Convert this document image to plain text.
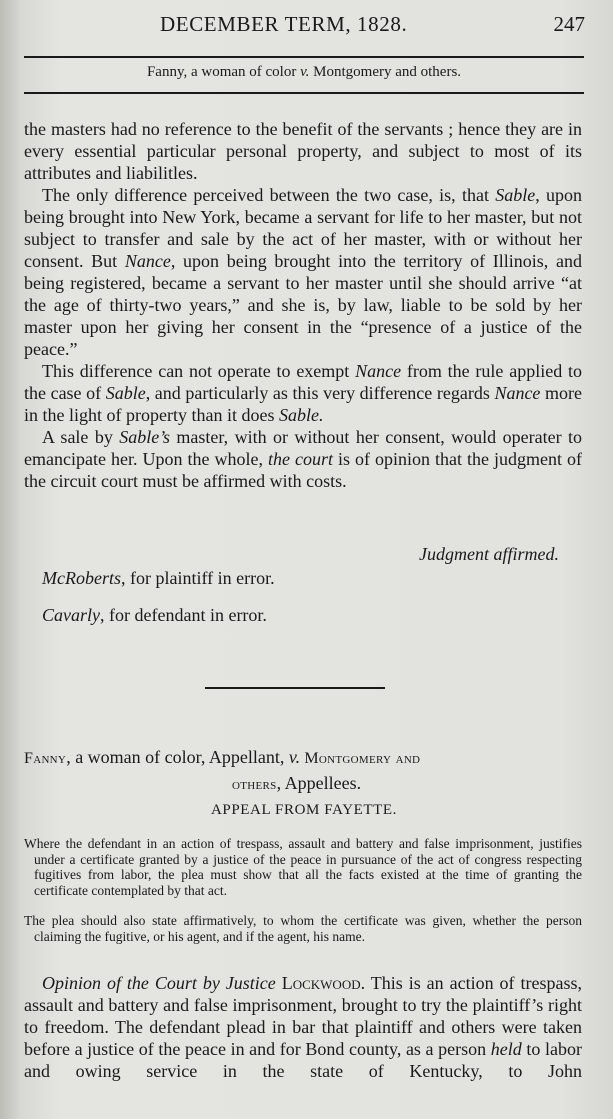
DECEMBER TERM, 1828.	247
Fanny, a woman of color v. Montgomery and others.

the masters had no reference to the benefit of the servants ; hence they are in every essential particular personal property, and subject to most of its attributes and liabilitles.

The only difference perceived between the two case, is, that Sable, upon being brought into New York, became a servant for life to her master, but not subject to transfer and sale by the act of her master, with or without her consent. But Nance, upon being brought into the territory of Illinois, and being registered, became a servant to her master until she should arrive “at the age of thirty-two years,” and she is, by law, liable to be sold by her master upon her giving her consent in the “presence of a justice of the peace.”

This difference can not operate to exempt Nance from the rule applied to the case of Sable, and particularly as this very difference regards Nance more in the light of property than it does Sable.

A sale by Sable’s master, with or without her consent, would operater to emancipate her. Upon the whole, the court is of opinion that the judgment of the circuit court must be affirmed with costs.

Judgment affirmed.
McRoberts, for plaintiff in error.
Cavarly, for defendant in error.
Fanny, a woman of color, Appellant, v. Montgomery and
others, Appellees.
APPEAL FROM FAYETTE.

Where the defendant in an action of trespass, assault and battery and false imprisonment, justifies under a certificate granted by a justice of the peace in pursuance of the act of congress respecting fugitives from labor, the plea must show that all the facts existed at the time of granting the certificate contemplated by that act.

The plea should also state affirmatively, to whom the certificate was given, whether the person claiming the fugitive, or his agent, and if the agent, his name.

Opinion of the Court by Justice Lockwood. This is an action of trespass, assault and battery and false imprisonment, brought to try the plaintiff’s right to freedom. The defendant plead in bar that plaintiff and others were taken before a justice of the peace in and for Bond county, as a person held to labor and owing service in the state of Kentucky, to John
